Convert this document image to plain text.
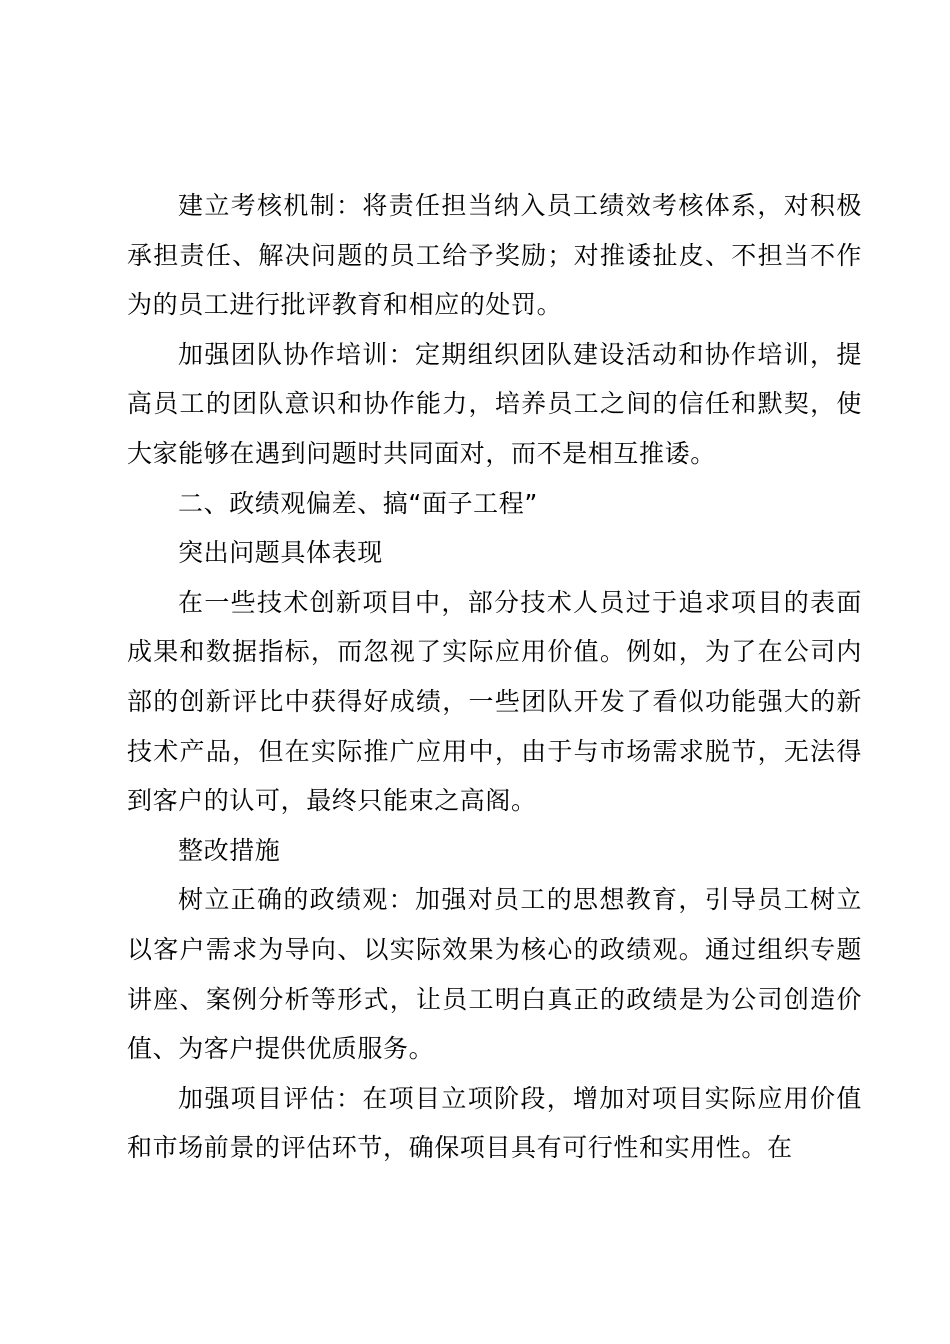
建立考核机制：将责任担当纳入员工绩效考核体系，对积极承担责任、解决问题的员工给予奖励；对推诿扯皮、不担当不作为的员工进行批评教育和相应的处罚。

加强团队协作培训：定期组织团队建设活动和协作培训，提高员工的团队意识和协作能力，培养员工之间的信任和默契，使大家能够在遇到问题时共同面对，而不是相互推诿。

二、政绩观偏差、搞“面子工程”

突出问题具体表现

在一些技术创新项目中，部分技术人员过于追求项目的表面成果和数据指标，而忽视了实际应用价值。例如，为了在公司内部的创新评比中获得好成绩，一些团队开发了看似功能强大的新技术产品，但在实际推广应用中，由于与市场需求脱节，无法得到客户的认可，最终只能束之高阁。

整改措施

树立正确的政绩观：加强对员工的思想教育，引导员工树立以客户需求为导向、以实际效果为核心的政绩观。通过组织专题讲座、案例分析等形式，让员工明白真正的政绩是为公司创造价值、为客户提供优质服务。

加强项目评估：在项目立项阶段，增加对项目实际应用价值和市场前景的评估环节，确保项目具有可行性和实用性。在
